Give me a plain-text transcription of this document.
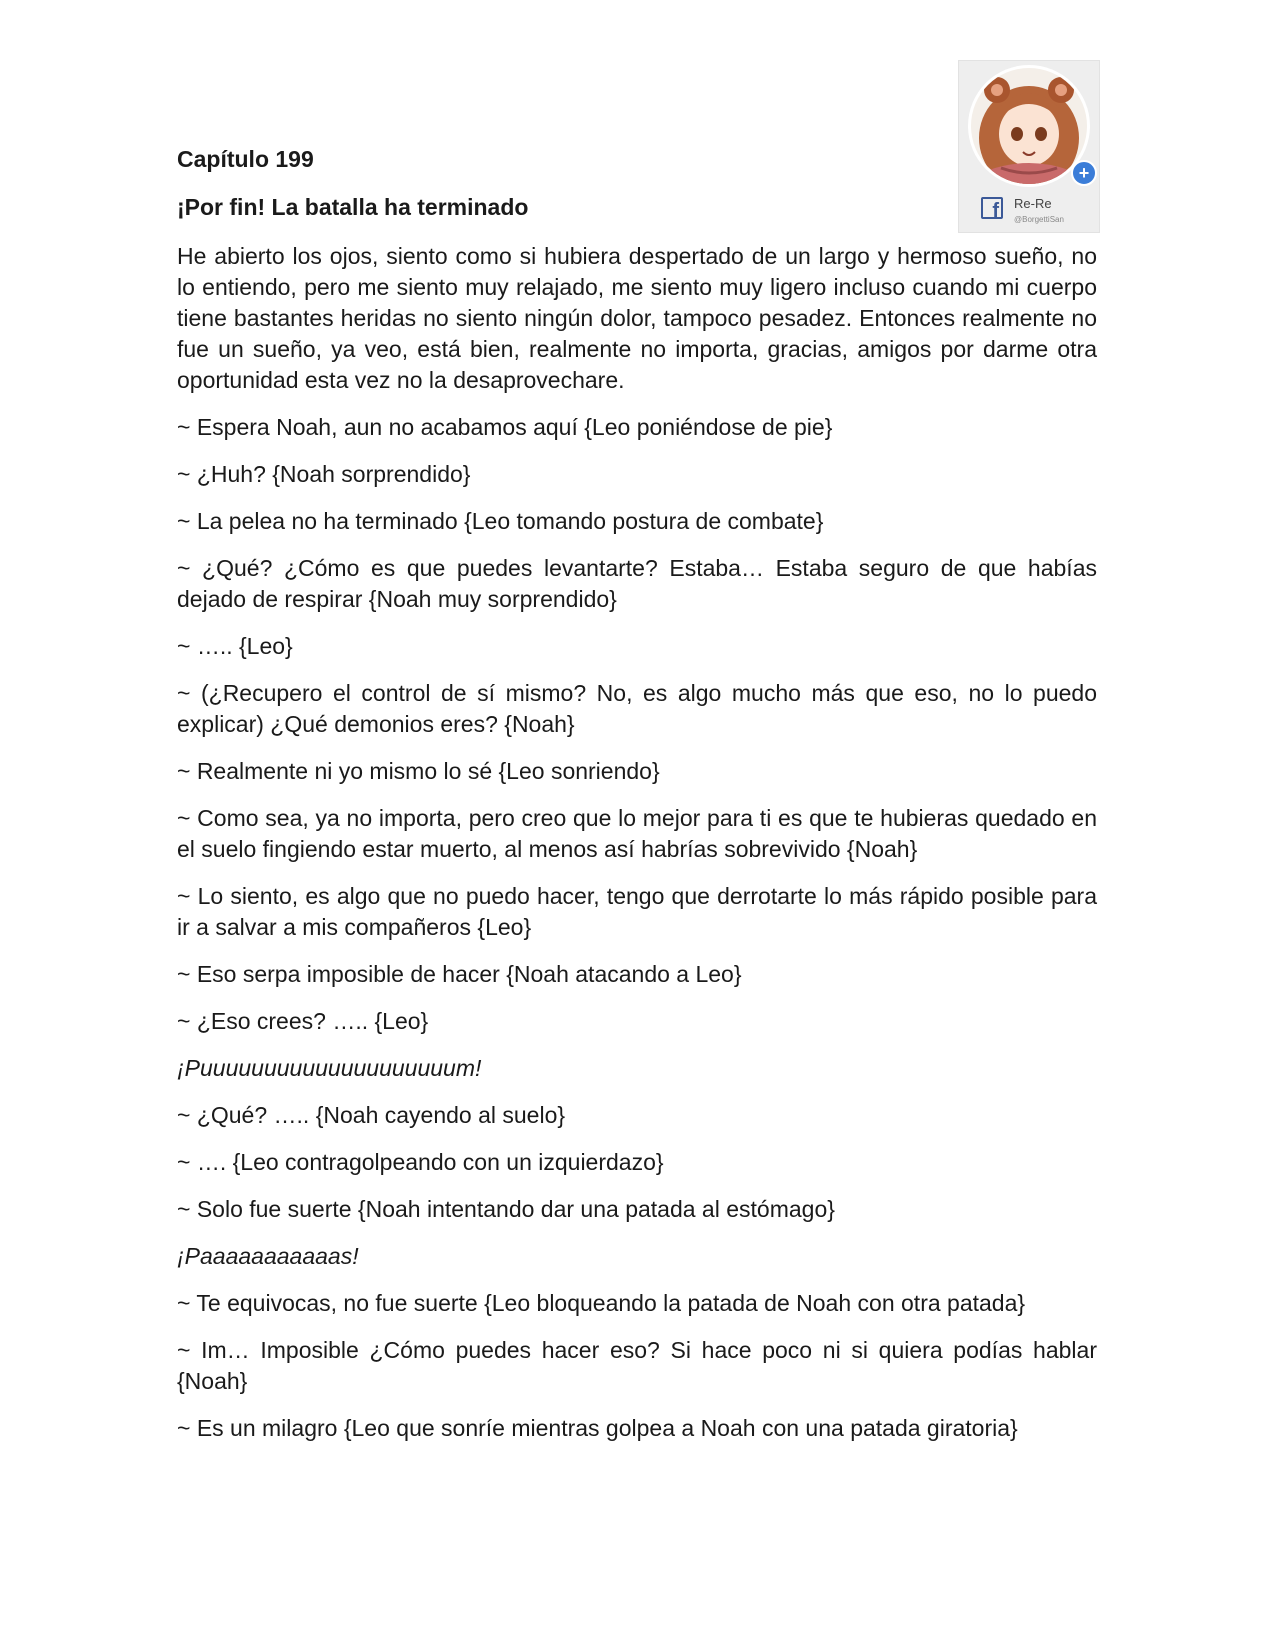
+
f	Re-Re
@BorgettiSan
Capítulo 199
¡Por fin! La batalla ha terminado

He abierto los ojos, siento como si hubiera despertado de un largo y hermoso sueño, no lo entiendo, pero me siento muy relajado, me siento muy ligero incluso cuando mi cuerpo tiene bastantes heridas no siento ningún dolor, tampoco pesadez. Entonces realmente no fue un sueño, ya veo, está bien, realmente no importa, gracias, amigos por darme otra oportunidad esta vez no la desaprovechare.

~ Espera Noah, aun no acabamos aquí {Leo poniéndose de pie}

~ ¿Huh? {Noah sorprendido}

~ La pelea no ha terminado {Leo tomando postura de combate}

~ ¿Qué? ¿Cómo es que puedes levantarte? Estaba… Estaba seguro de que habías dejado de respirar {Noah muy sorprendido}

~ ….. {Leo}

~ (¿Recupero el control de sí mismo? No, es algo mucho más que eso, no lo puedo explicar) ¿Qué demonios eres? {Noah}

~ Realmente ni yo mismo lo sé {Leo sonriendo}

~ Como sea, ya no importa, pero creo que lo mejor para ti es que te hubieras quedado en el suelo fingiendo estar muerto, al menos así habrías sobrevivido {Noah}

~ Lo siento, es algo que no puedo hacer, tengo que derrotarte lo más rápido posible para ir a salvar a mis compañeros {Leo}

~ Eso serpa imposible de hacer {Noah atacando a Leo}

~ ¿Eso crees? ….. {Leo}

¡Puuuuuuuuuuuuuuuuuuuum!

~ ¿Qué? ….. {Noah cayendo al suelo}

~ …. {Leo contragolpeando con un izquierdazo}

~ Solo fue suerte {Noah intentando dar una patada al estómago}

¡Paaaaaaaaaaas!

~ Te equivocas, no fue suerte {Leo bloqueando la patada de Noah con otra patada}

~ Im… Imposible ¿Cómo puedes hacer eso? Si hace poco ni si quiera podías hablar {Noah}

~ Es un milagro {Leo que sonríe mientras golpea a Noah con una patada giratoria}
